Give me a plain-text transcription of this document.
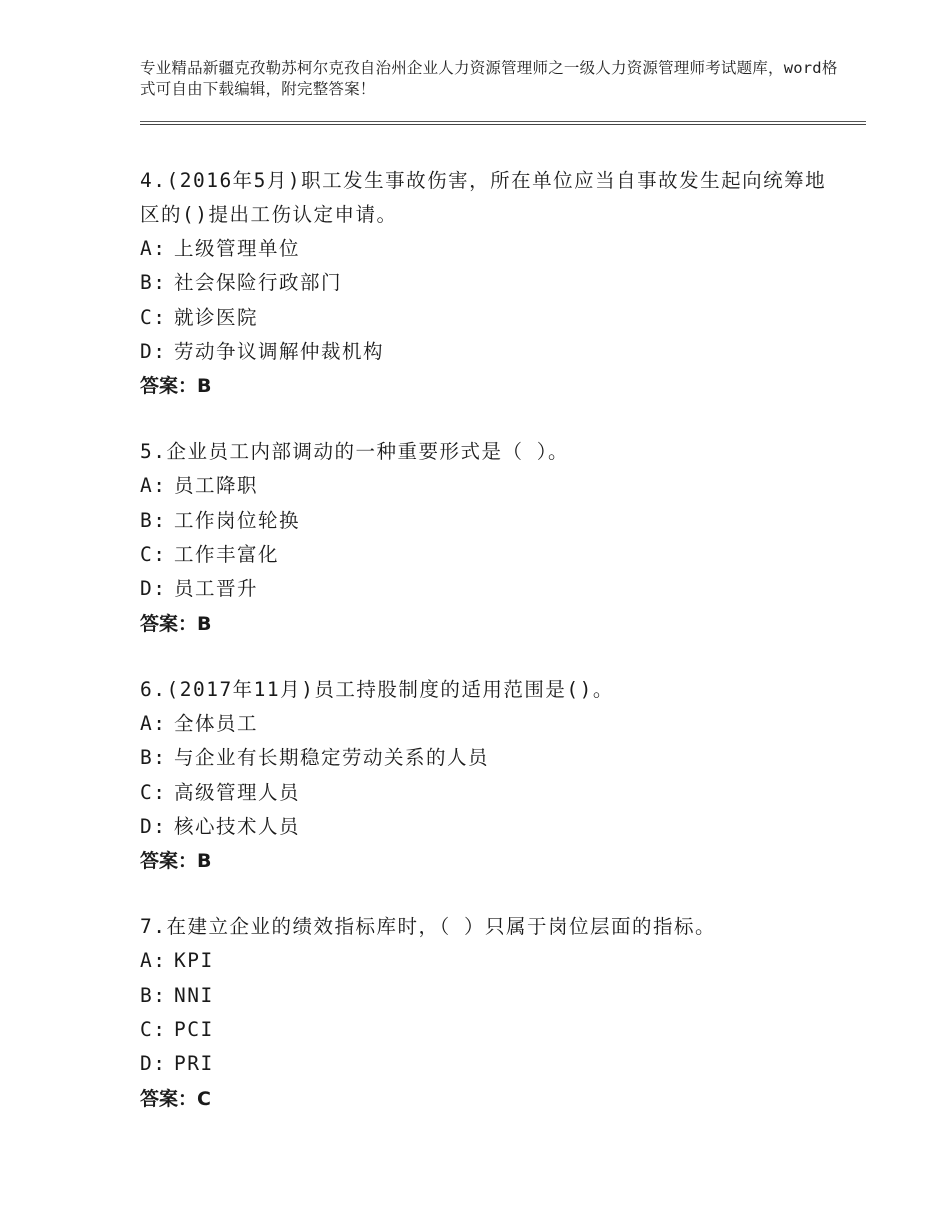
专业精品新疆克孜勒苏柯尔克孜自治州企业人力资源管理师之一级人力资源管理师考试题库，word格式可自由下载编辑，附完整答案！
4.(2016年5月)职工发生事故伤害，所在单位应当自事故发生起向统筹地区的()提出工伤认定申请。
A: 上级管理单位
B: 社会保险行政部门
C: 就诊医院
D: 劳动争议调解仲裁机构
答案：B
5.企业员工内部调动的一种重要形式是（ ）。
A: 员工降职
B: 工作岗位轮换
C: 工作丰富化
D: 员工晋升
答案：B
6.(2017年11月)员工持股制度的适用范围是()。
A: 全体员工
B: 与企业有长期稳定劳动关系的人员
C: 高级管理人员
D: 核心技术人员
答案：B
7.在建立企业的绩效指标库时，（ ）只属于岗位层面的指标。
A: KPI
B: NNI
C: PCI
D: PRI
答案：C
